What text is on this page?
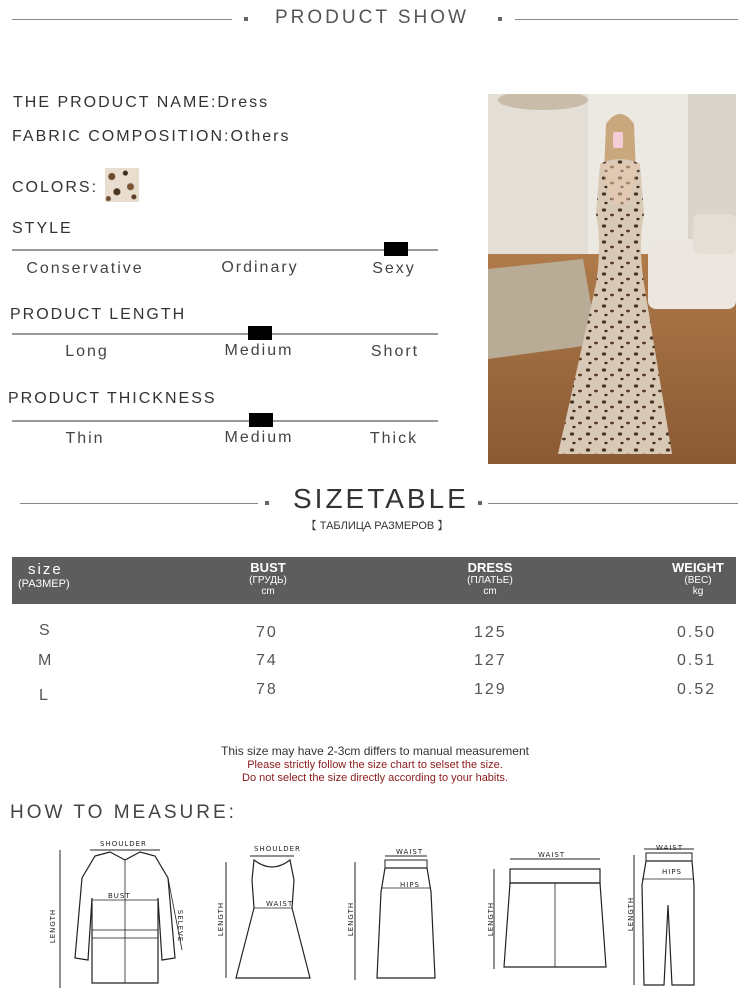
PRODUCT SHOW
THE PRODUCT NAME:Dress
FABRIC COMPOSITION:Others
COLORS:
STYLE
Conservative	Ordinary	Sexy
PRODUCT LENGTH
Long	Medium	Short
PRODUCT THICKNESS
Thin	Medium	Thick
SIZETABLE
【 ТАБЛИЦА РАЗМЕРОВ 】
size
(РАЗМЕР)
BUST
(ГРУДЬ)
cm
DRESS
(ПЛАТЬЕ)
cm
WEIGHT
(ВЕС)
kg
S	70	125	0.50
M	74	127	0.51
L	78	129	0.52
This size may have 2-3cm differs to manual measurement
Please strictly follow the size chart to selset the size.
Do not select the size directly according to your habits.
HOW TO MEASURE:
SHOULDER
BUST
LENGTH	SELEVE
SHOULDER
WAIST
LENGTH
WAIST
HIPS
LENGTH
WAIST
LENGTH
WAIST
HIPS
LENGTH
